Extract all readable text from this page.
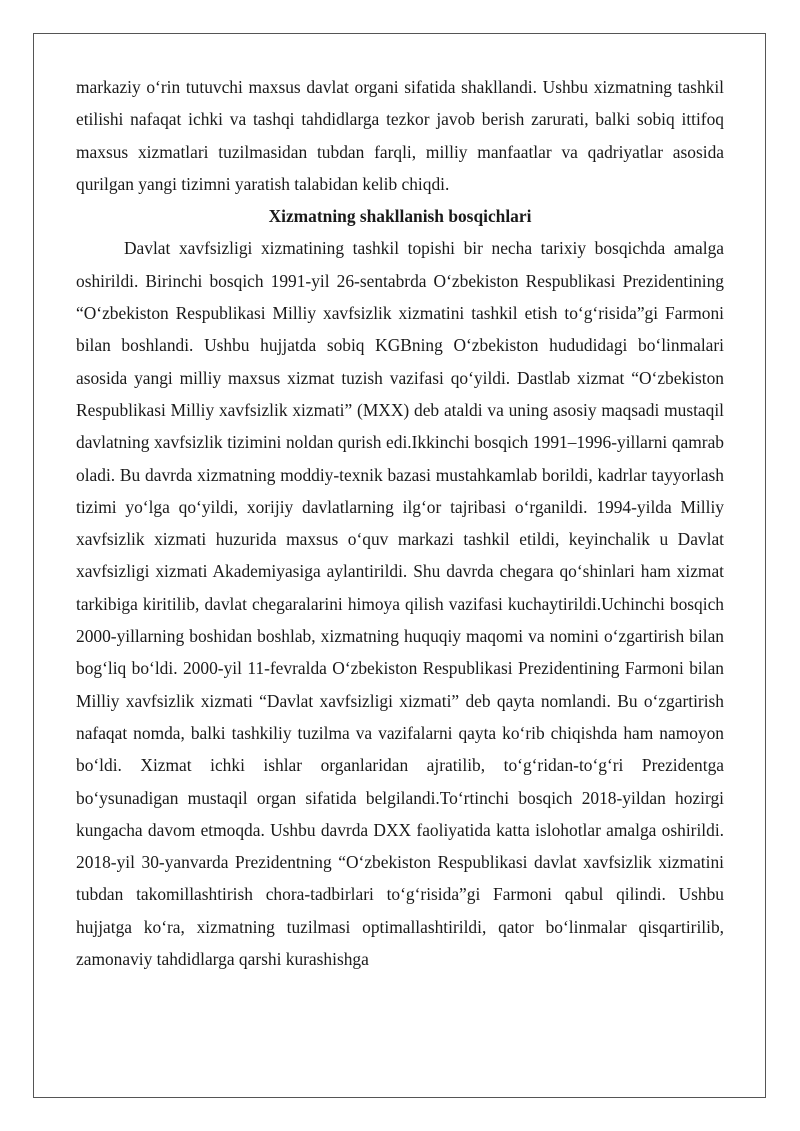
markaziy o‘rin tutuvchi maxsus davlat organi sifatida shakllandi. Ushbu xizmatning tashkil etilishi nafaqat ichki va tashqi tahdidlarga tezkor javob berish zarurati, balki sobiq ittifoq maxsus xizmatlari tuzilmasidan tubdan farqli, milliy manfaatlar va qadriyatlar asosida qurilgan yangi tizimni yaratish talabidan kelib chiqdi.

Xizmatning shakllanish bosqichlari

Davlat xavfsizligi xizmatining tashkil topishi bir necha tarixiy bosqichda amalga oshirildi. Birinchi bosqich 1991-yil 26-sentabrda O‘zbekiston Respublikasi Prezidentining “O‘zbekiston Respublikasi Milliy xavfsizlik xizmatini tashkil etish to‘g‘risida”gi Farmoni bilan boshlandi. Ushbu hujjatda sobiq KGBning O‘zbekiston hududidagi bo‘linmalari asosida yangi milliy maxsus xizmat tuzish vazifasi qo‘yildi. Dastlab xizmat “O‘zbekiston Respublikasi Milliy xavfsizlik xizmati” (MXX) deb ataldi va uning asosiy maqsadi mustaqil davlatning xavfsizlik tizimini noldan qurish edi.Ikkinchi bosqich 1991–1996-yillarni qamrab oladi. Bu davrda xizmatning moddiy-texnik bazasi mustahkamlab borildi, kadrlar tayyorlash tizimi yo‘lga qo‘yildi, xorijiy davlatlarning ilg‘or tajribasi o‘rganildi. 1994-yilda Milliy xavfsizlik xizmati huzurida maxsus o‘quv markazi tashkil etildi, keyinchalik u Davlat xavfsizligi xizmati Akademiyasiga aylantirildi. Shu davrda chegara qo‘shinlari ham xizmat tarkibiga kiritilib, davlat chegaralarini himoya qilish vazifasi kuchaytirildi.Uchinchi bosqich 2000-yillarning boshidan boshlab, xizmatning huquqiy maqomi va nomini o‘zgartirish bilan bog‘liq bo‘ldi. 2000-yil 11-fevralda O‘zbekiston Respublikasi Prezidentining Farmoni bilan Milliy xavfsizlik xizmati “Davlat xavfsizligi xizmati” deb qayta nomlandi. Bu o‘zgartirish nafaqat nomda, balki tashkiliy tuzilma va vazifalarni qayta ko‘rib chiqishda ham namoyon bo‘ldi. Xizmat ichki ishlar organlaridan ajratilib, to‘g‘ridan-to‘g‘ri Prezidentga bo‘ysunadigan mustaqil organ sifatida belgilandi.To‘rtinchi bosqich 2018-yildan hozirgi kungacha davom etmoqda. Ushbu davrda DXX faoliyatida katta islohotlar amalga oshirildi. 2018-yil 30-yanvarda Prezidentning “O‘zbekiston Respublikasi davlat xavfsizlik xizmatini tubdan takomillashtirish chora-tadbirlari to‘g‘risida”gi Farmoni qabul qilindi. Ushbu hujjatga ko‘ra, xizmatning tuzilmasi optimallashtirildi, qator bo‘linmalar qisqartirilib, zamonaviy tahdidlarga qarshi kurashishga
